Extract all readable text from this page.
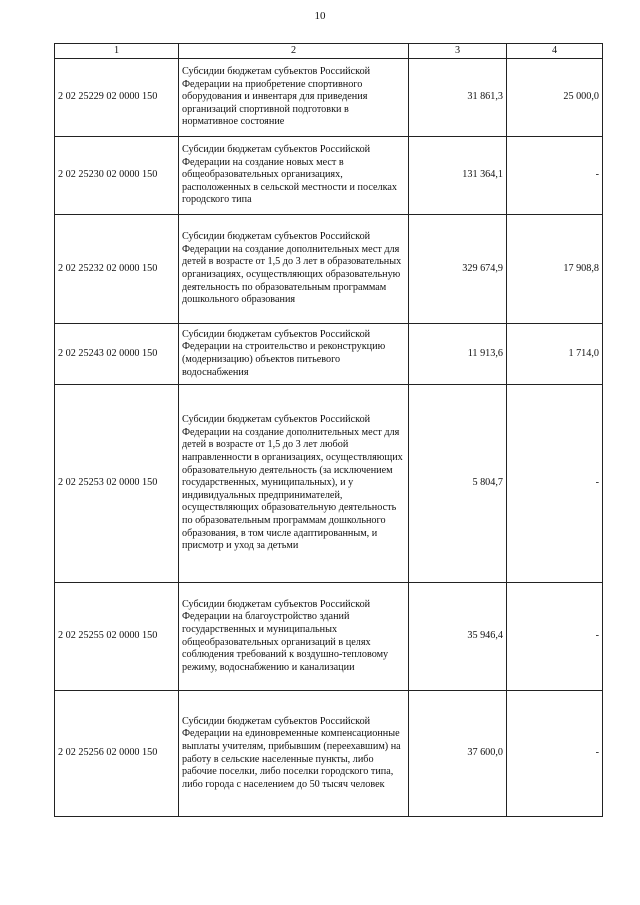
10
1	2	3	4
2 02 25229 02 0000 150	Субсидии бюджетам субъектов Российской Федерации на приобретение спортивного оборудования и инвентаря для приведения организаций спортивной подготовки в нормативное состояние	31 861,3	25 000,0
2 02 25230 02 0000 150	Субсидии бюджетам субъектов Российской Федерации на создание новых мест в общеобразовательных организациях, расположенных в сельской местности и поселках городского типа	131 364,1	-
2 02 25232 02 0000 150	Субсидии бюджетам субъектов Российской Федерации на создание дополнительных мест для детей в возрасте от 1,5 до 3 лет в образовательных организациях, осуществляющих образовательную деятельность по образовательным программам дошкольного образования	329 674,9	17 908,8
2 02 25243 02 0000 150	Субсидии бюджетам субъектов Российской Федерации на строительство и реконструкцию (модернизацию) объектов питьевого водоснабжения	11 913,6	1 714,0
2 02 25253 02 0000 150	Субсидии бюджетам субъектов Российской Федерации на создание дополнительных мест для детей в возрасте от 1,5 до 3 лет любой направленности в организациях, осуществляющих образовательную деятельность (за исключением государственных, муниципальных), и у индивидуальных предпринимателей, осуществляющих образовательную деятельность по образовательным программам дошкольного образования, в том числе адаптированным, и присмотр и уход за детьми	5 804,7	-
2 02 25255 02 0000 150	Субсидии бюджетам субъектов Российской Федерации на благоустройство зданий государственных и муниципальных общеобразовательных организаций в целях соблюдения требований к воздушно-тепловому режиму, водоснабжению и канализации	35 946,4	-
2 02 25256 02 0000 150	Субсидии бюджетам субъектов Российской Федерации на единовременные компенсационные выплаты учителям, прибывшим (переехавшим) на работу в сельские населенные пункты, либо рабочие поселки, либо поселки городского типа, либо города с населением до 50 тысяч человек	37 600,0	-
